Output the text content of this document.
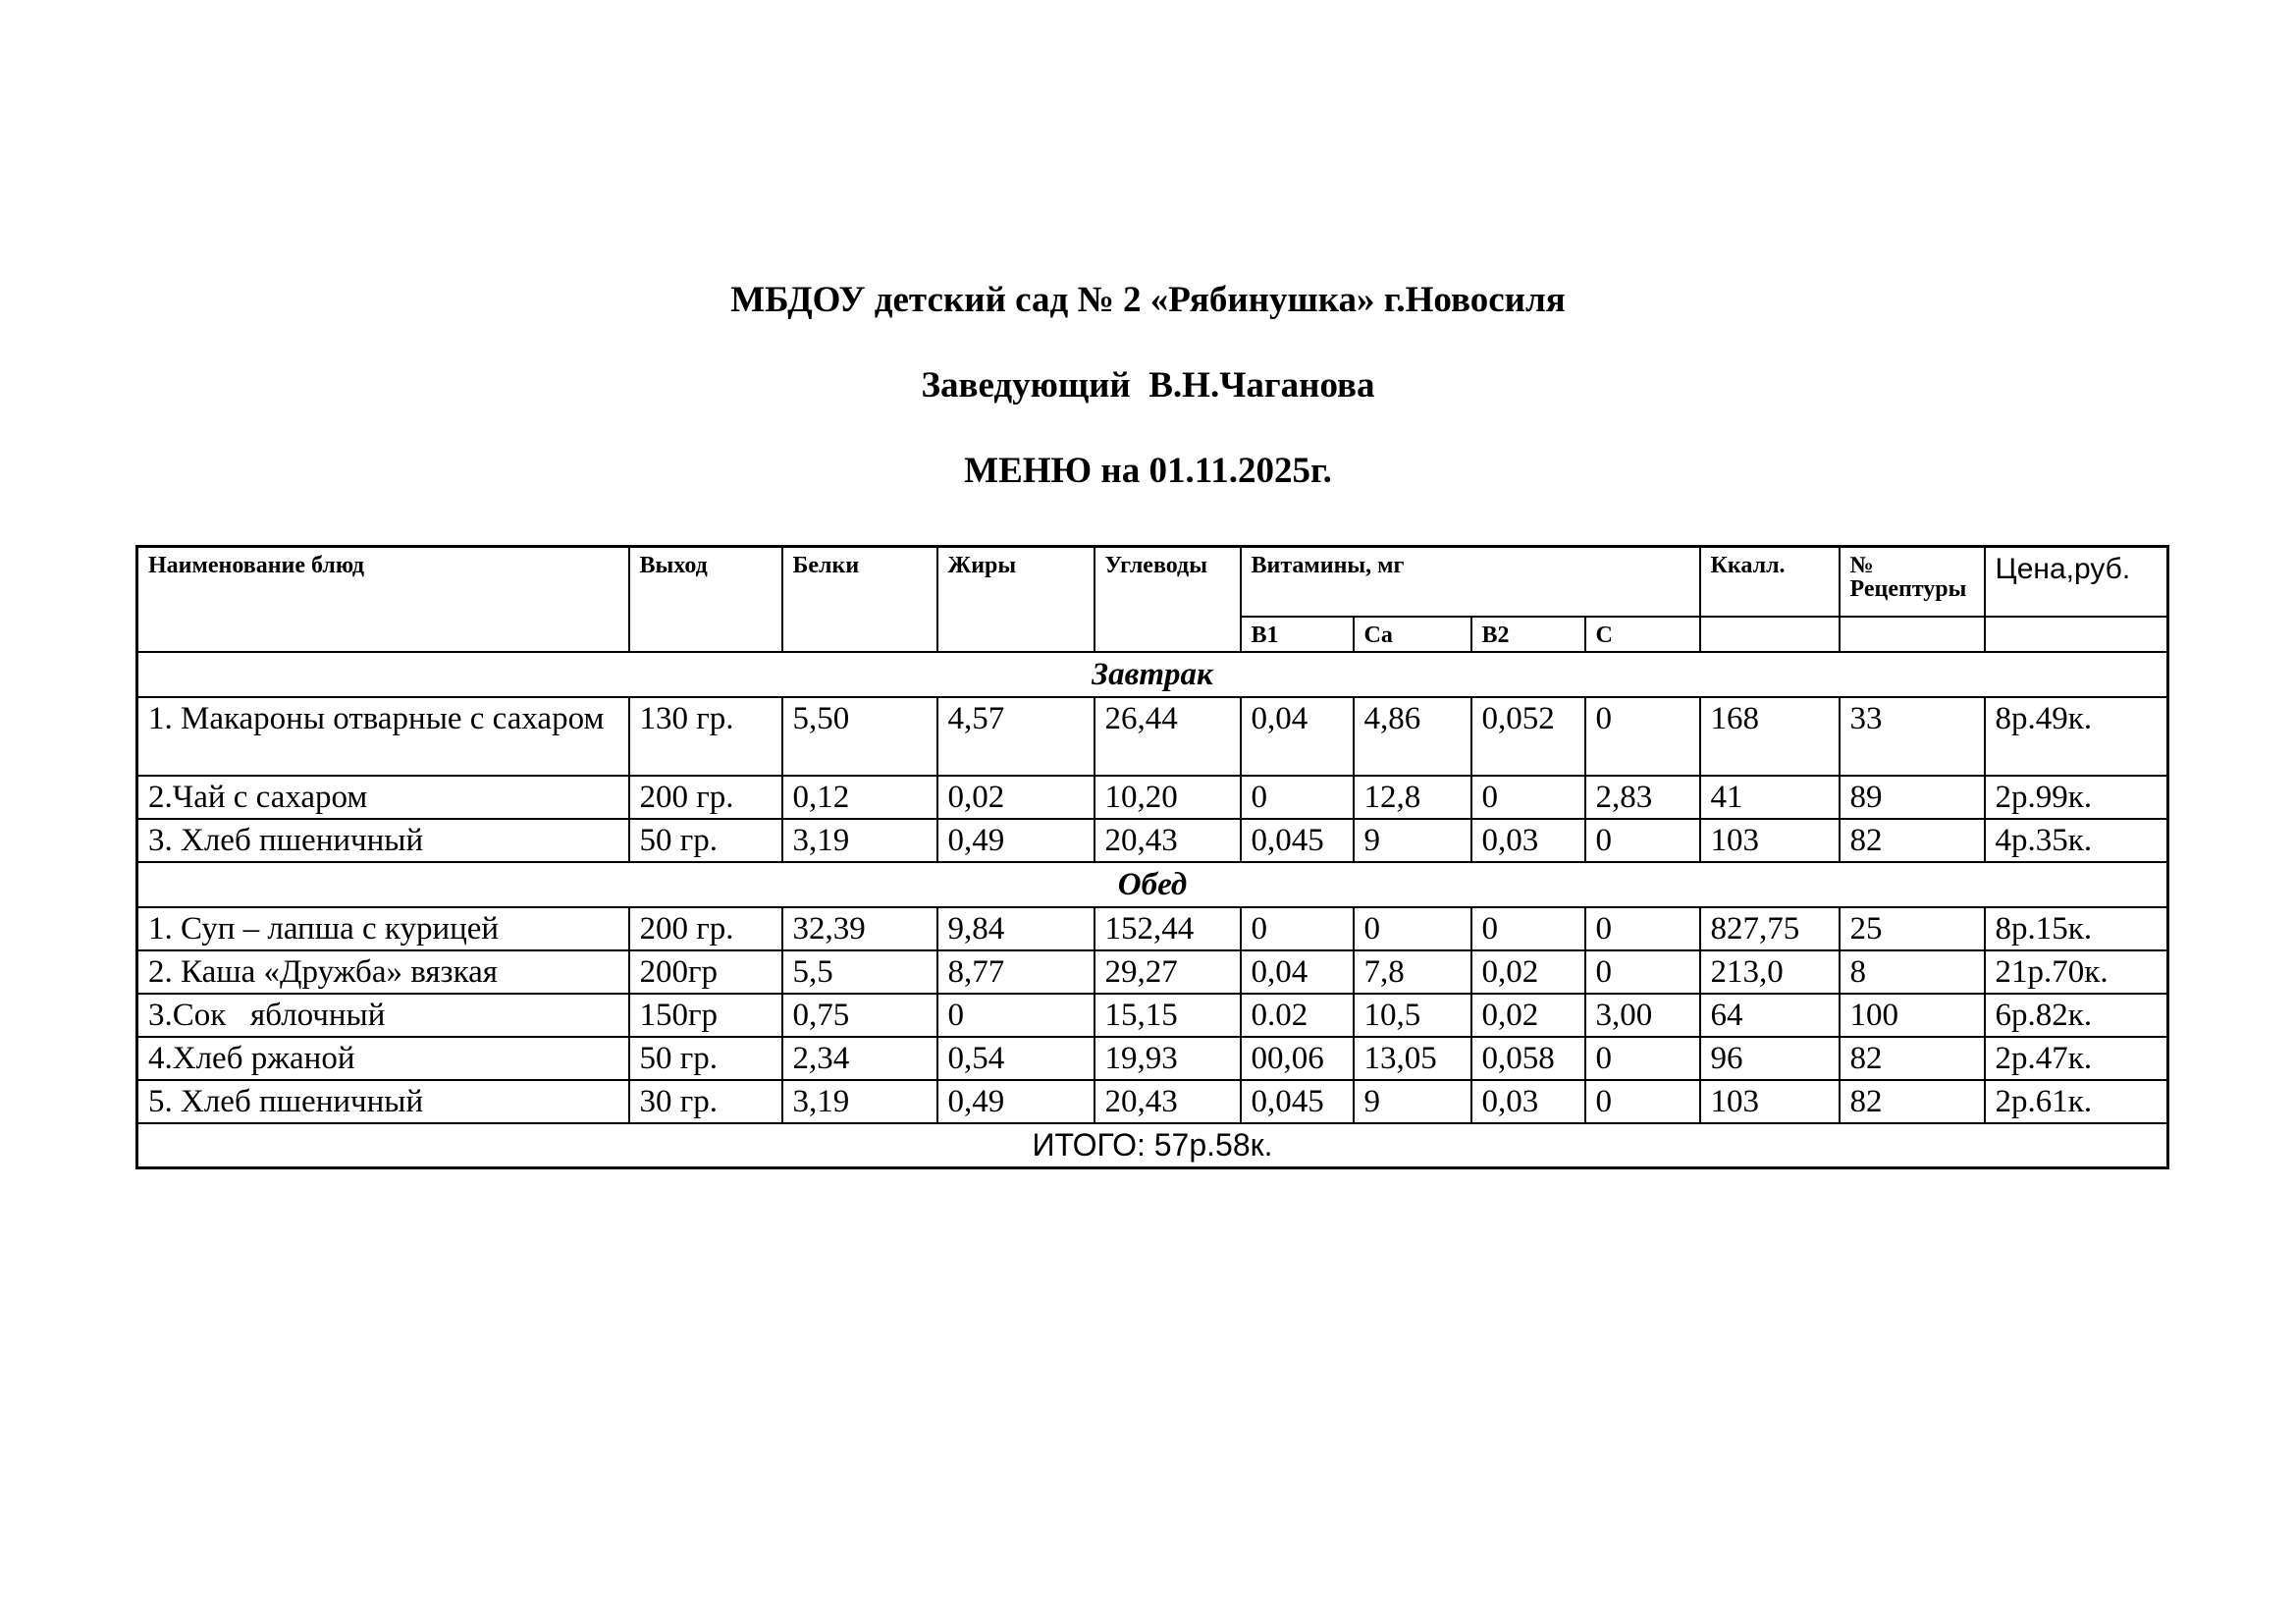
МБДОУ детский сад № 2 «Рябинушка» г.Новосиля

Заведующий  В.Н.Чаганова

МЕНЮ на 01.11.2025г.

Наименование блюд	Выход	Белки	Жиры	Углеводы	Витамины, мг				Ккалл.	№ Рецептуры	Цена,руб.
					В1	Са	В2	С			
Завтрак											
1. Макароны отварные с сахаром	130 гр.	5,50	4,57	26,44	0,04	4,86	0,052	0	168	33	8р.49к.
2.Чай с сахаром	200 гр.	0,12	0,02	10,20	0	12,8	0	2,83	41	89	2р.99к.
3. Хлеб пшеничный	50 гр.	3,19	0,49	20,43	0,045	9	0,03	0	103	82	4р.35к.
Обед											
1. Суп – лапша с курицей	200 гр.	32,39	9,84	152,44	0	0	0	0	827,75	25	8р.15к.
2. Каша «Дружба» вязкая	200гр	5,5	8,77	29,27	0,04	7,8	0,02	0	213,0	8	21р.70к.
3.Сок   яблочный	150гр	0,75	0	15,15	0.02	10,5	0,02	3,00	64	100	6р.82к.
4.Хлеб ржаной	50 гр.	2,34	0,54	19,93	00,06	13,05	0,058	0	96	82	2р.47к.
5. Хлеб пшеничный	30 гр.	3,19	0,49	20,43	0,045	9	0,03	0	103	82	2р.61к.
ИТОГО: 57р.58к.											
